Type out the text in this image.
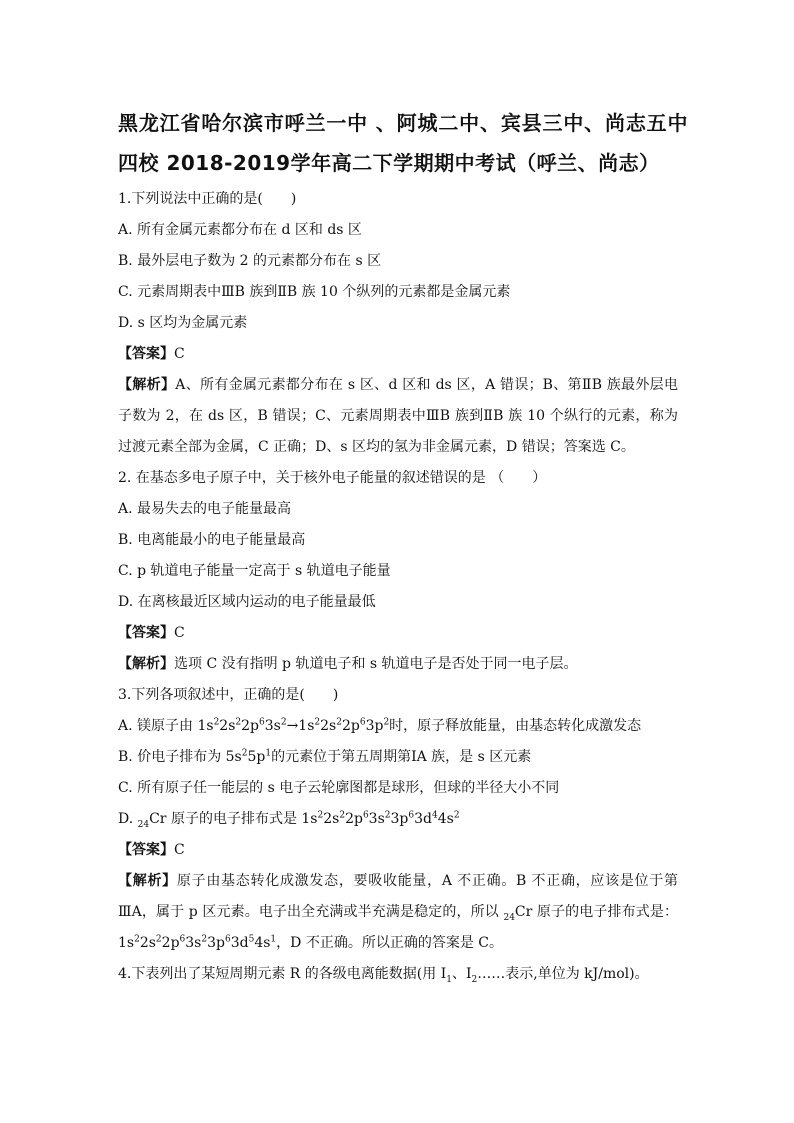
黑龙江省哈尔滨市呼兰一中 、阿城二中、宾县三中、尚志五中四校 2018-2019学年高二下学期期中考试（呼兰、尚志）
1.下列说法中正确的是(　　)
A. 所有金属元素都分布在 d 区和 ds 区
B. 最外层电子数为 2 的元素都分布在 s 区
C. 元素周期表中ⅢB 族到ⅡB 族 10 个纵列的元素都是金属元素
D. s 区均为金属元素
【答案】C
【解析】A、所有金属元素都分布在 s 区、d 区和 ds 区，A 错误；B、第ⅡB 族最外层电子数为 2，在 ds 区，B 错误；C、元素周期表中ⅢB 族到ⅡB 族 10 个纵行的元素，称为过渡元素全部为金属，C 正确；D、s 区均的氢为非金属元素，D 错误；答案选 C。
2. 在基态多电子原子中，关于核外电子能量的叙述错误的是 （　　）
A. 最易失去的电子能量最高
B. 电离能最小的电子能量最高
C. p 轨道电子能量一定高于 s 轨道电子能量
D. 在离核最近区域内运动的电子能量最低
【答案】C
【解析】选项 C 没有指明 p 轨道电子和 s 轨道电子是否处于同一电子层。
3.下列各项叙述中，正确的是(　　)
A. 镁原子由 $1s^22s^22p^63s^2\to 1s^22s^22p^63p^2$时，原子释放能量，由基态转化成激发态
B. 价电子排布为 $5s^25p^1$的元素位于第五周期第ⅠA 族，是 s 区元素
C. 所有原子任一能层的 s 电子云轮廓图都是球形，但球的半径大小不同
D. $_{24}$Cr 原子的电子排布式是 $1s^22s^22p^63s^23p^63d^44s^2$
【答案】C
【解析】原子由基态转化成激发态，要吸收能量，A 不正确。B 不正确，应该是位于第ⅢA，属于 p 区元素。电子出全充满或半充满是稳定的，所以 $_{24}$Cr 原子的电子排布式是：$1s^22s^22p^63s^23p^63d^54s^1$，D 不正确。所以正确的答案是 C。
4.下表列出了某短周期元素 R 的各级电离能数据(用 $I_1$、$I_2\dots\dots$表示,单位为 kJ/mol)。
